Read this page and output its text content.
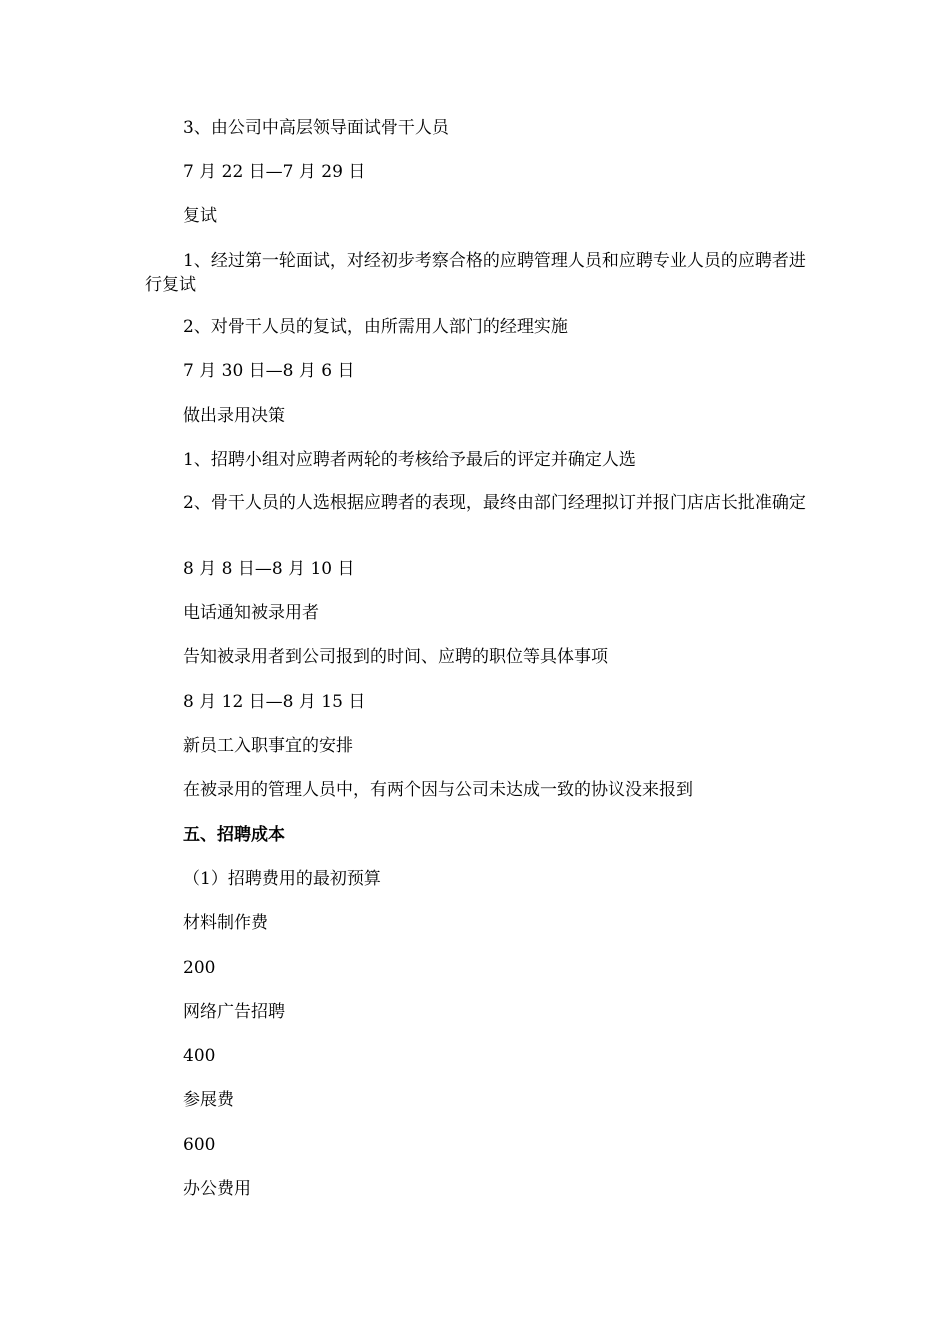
3、由公司中高层领导面试骨干人员

7 月 22 日—7 月 29 日

复试

1、经过第一轮面试，对经初步考察合格的应聘管理人员和应聘专业人员的应聘者进行复试

2、对骨干人员的复试，由所需用人部门的经理实施

7 月 30 日—8 月 6 日

做出录用决策

1、招聘小组对应聘者两轮的考核给予最后的评定并确定人选

2、骨干人员的人选根据应聘者的表现，最终由部门经理拟订并报门店店长批准确定

8 月 8 日—8 月 10 日

电话通知被录用者

告知被录用者到公司报到的时间、应聘的职位等具体事项

8 月 12 日—8 月 15 日

新员工入职事宜的安排

在被录用的管理人员中，有两个因与公司未达成一致的协议没来报到

五、招聘成本

（1）招聘费用的最初预算

材料制作费

200

网络广告招聘

400

参展费

600

办公费用
